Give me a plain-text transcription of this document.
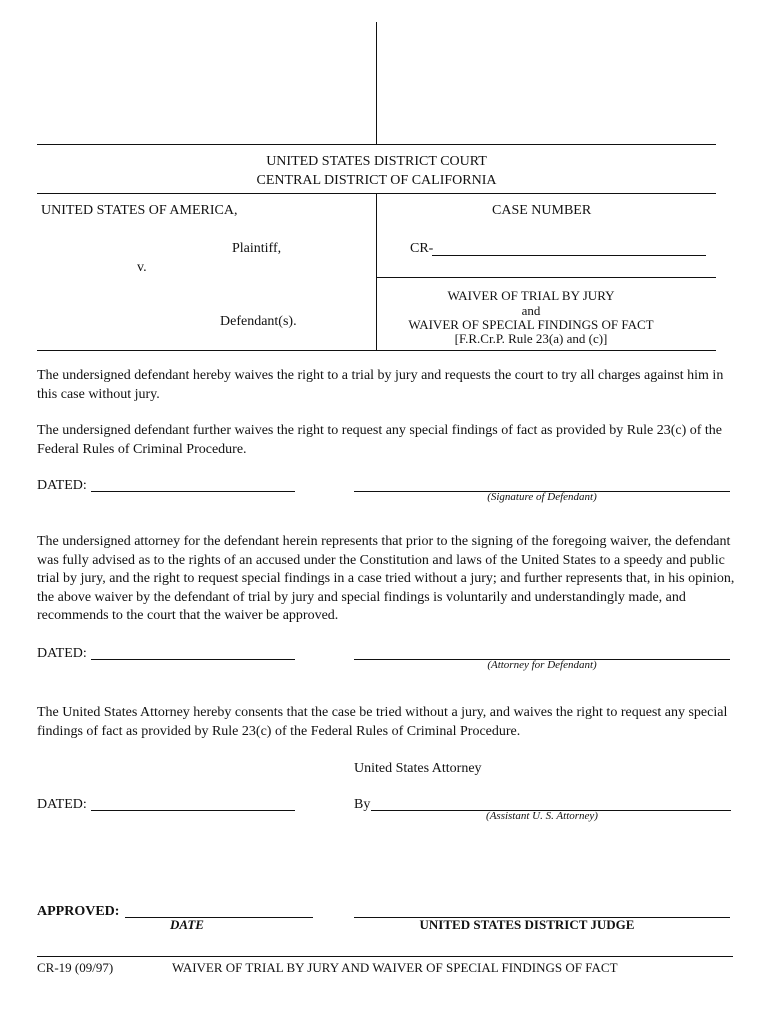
UNITED STATES DISTRICT COURT
CENTRAL DISTRICT OF CALIFORNIA
UNITED STATES OF AMERICA,
Plaintiff,
v.
Defendant(s).
CASE NUMBER
CR-
WAIVER OF TRIAL BY JURY
and
WAIVER OF SPECIAL FINDINGS OF FACT
[F.R.Cr.P. Rule 23(a) and (c)]
The undersigned defendant hereby waives the right to a trial by jury and requests the court to try all charges against him in this case without jury.
The undersigned defendant further waives the right to request any special findings of fact as provided by Rule 23(c) of the Federal Rules of Criminal Procedure.
DATED:
(Signature of Defendant)
The undersigned attorney for the defendant herein represents that prior to the signing of the foregoing waiver, the defendant was fully advised as to the rights of an accused under the Constitution and laws of the United States to a speedy and public trial by jury, and the right to request special findings in a case tried without a jury; and further represents that, in his opinion, the above waiver by the defendant of trial by jury and special findings is voluntarily and understandingly made, and recommends to the court that the waiver be approved.
DATED:
(Attorney for Defendant)
The United States Attorney hereby consents that the case be tried without a jury, and waives the right to request any special findings of fact as provided by Rule 23(c) of the Federal Rules of Criminal Procedure.
United States Attorney
DATED:	By
(Assistant U. S. Attorney)
APPROVED:
DATE	UNITED STATES DISTRICT JUDGE
CR-19 (09/97)	WAIVER OF TRIAL BY JURY AND WAIVER OF SPECIAL FINDINGS OF FACT
